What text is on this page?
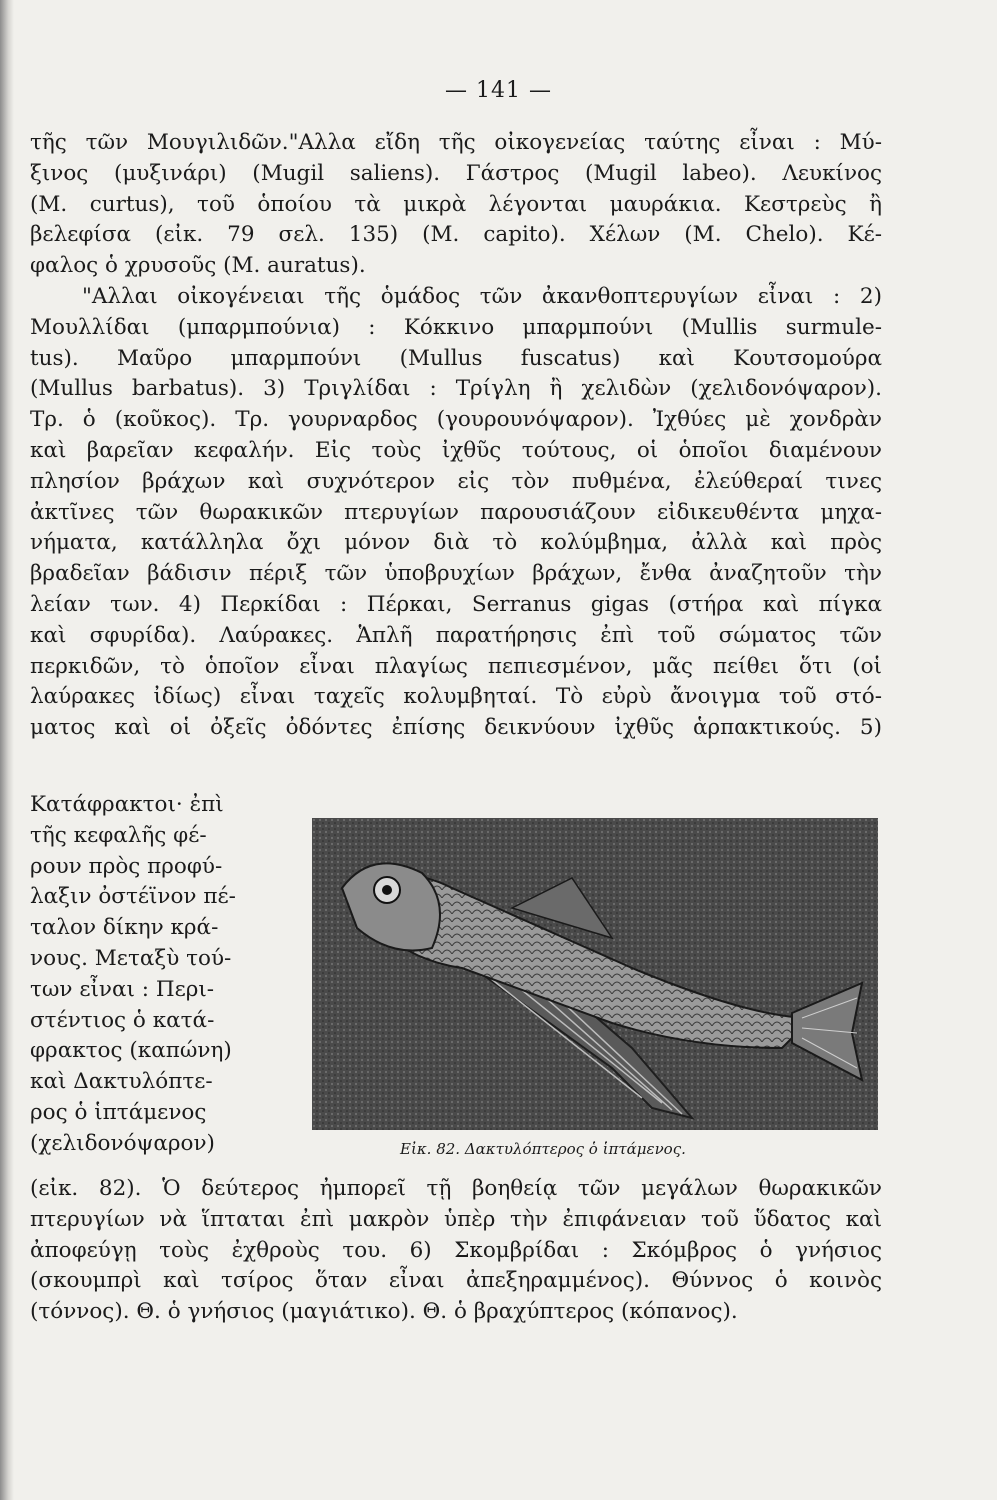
— 141 —

τῆς τῶν Μουγιλιδῶν."Αλλα εἴδη τῆς οἰκογενείας ταύτης εἶναι : Μύ-
ξινος (μυξινάρι) (Mugil saliens). Γάστρος (Mugil labeo). Λευκίνος
(M. curtus), τοῦ ὁποίου τὰ μικρὰ λέγονται μαυράκια. Κεστρεὺς ἢ
βελεφίσα (εἰκ. 79 σελ. 135) (M. capito). Χέλων (M. Chelo). Κέ-
φαλος ὁ χρυσοῦς (M. auratus).

"Αλλαι οἰκογένειαι τῆς ὁμάδος τῶν ἀκανθοπτερυγίων εἶναι : 2)
Μουλλίδαι (μπαρμπούνια) : Κόκκινο μπαρμπούνι (Mullis surmule-
tus). Μαῦρο μπαρμπούνι (Mullus fuscatus) καὶ Κουτσομούρα
(Mullus barbatus). 3) Τριγλίδαι : Τρίγλη ἢ χελιδὼν (χελιδονόψαρον).
Τρ. ὁ (κοῦκος). Τρ. γουρναρδος (γουρουνόψαρον). Ἰχθύες μὲ χονδρὰν
καὶ βαρεῖαν κεφαλήν. Εἰς τοὺς ἰχθῦς τούτους, οἱ ὁποῖοι διαμένουν
πλησίον βράχων καὶ συχνότερον εἰς τὸν πυθμένα, ἐλεύθεραί τινες
ἀκτῖνες τῶν θωρακικῶν πτερυγίων παρουσιάζουν εἰδικευθέντα μηχα-
νήματα, κατάλληλα ὄχι μόνον διὰ τὸ κολύμβημα, ἀλλὰ καὶ πρὸς
βραδεῖαν βάδισιν πέριξ τῶν ὑποβρυχίων βράχων, ἔνθα ἀναζητοῦν τὴν
λείαν των. 4) Περκίδαι : Πέρκαι, Serranus gigas (στήρα καὶ πίγκα
καὶ σφυρίδα). Λαύρακες. Ἁπλῆ παρατήρησις ἐπὶ τοῦ σώματος τῶν
περκιδῶν, τὸ ὁποῖον εἶναι πλαγίως πεπιεσμένον, μᾶς πείθει ὅτι (οἱ
λαύρακες ἰδίως) εἶναι ταχεῖς κολυμβηταί. Τὸ εὐρὺ ἄνοιγμα τοῦ στό-
ματος καὶ οἱ ὀξεῖς ὀδόντες ἐπίσης δεικνύουν ἰχθῦς ἁρπακτικούς. 5)

Κατάφρακτοι· ἐπὶ
τῆς κεφαλῆς φέ-
ρουν πρὸς προφύ-
λαξιν ὀστέϊνον πέ-
ταλον δίκην κρά-
νους. Μεταξὺ τού-
των εἶναι : Περι-
στέντιος ὁ κατά-
φρακτος (καπώνη)
καὶ Δακτυλόπτε-
ρος ὁ ἱπτάμενος
(χελιδονόψαρον)	Εἰκ. 82. Δακτυλόπτερος ὁ ἱπτάμενος.

(εἰκ. 82). Ὁ δεύτερος ἠμπορεῖ τῇ βοηθείᾳ τῶν μεγάλων θωρακικῶν
πτερυγίων νὰ ἵπταται ἐπὶ μακρὸν ὑπὲρ τὴν ἐπιφάνειαν τοῦ ὕδατος καὶ
ἀποφεύγῃ τοὺς ἐχθροὺς του. 6) Σκομβρίδαι : Σκόμβρος ὁ γνήσιος
(σκουμπρὶ καὶ τσίρος ὅταν εἶναι ἀπεξηραμμένος). Θύννος ὁ κοινὸς
(τόννος). Θ. ὁ γνήσιος (μαγιάτικο). Θ. ὁ βραχύπτερος (κόπανος).
